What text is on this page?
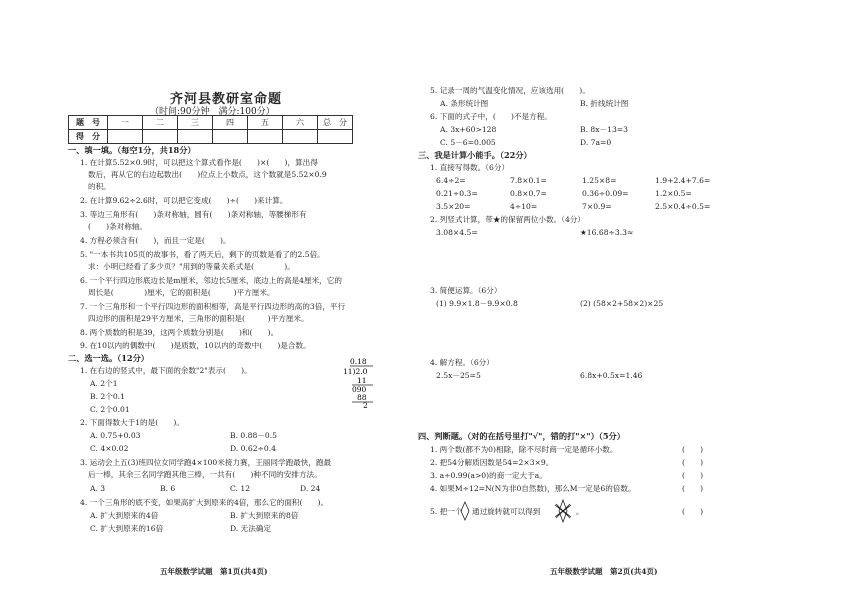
齐河县教研室命题
（时间:90分钟　满分:100分）
题　号	一	二	三	四	五	六	总　分
得　分							
一、填一填。（每空1分，共18分）
1. 在计算5.52×0.9时，可以把这个算式看作是(　　)×(　　)，算出得
数后，再从它的右边起数出(　　)位点上小数点，这个数就是5.52×0.9
的积。
2. 在计算9.62÷2.6时，可以把它变成(　　)÷(　　)来计算。
3. 等边三角形有(　　)条对称轴，圆有(　　)条对称轴，等腰梯形有
(　　)条对称轴。
4. 方程必须含有(　　)，而且一定是(　　)。
5. "一本书共105页的故事书，看了两天后，剩下的页数是看了的2.5倍。
求：小明已经看了多少页？"用到的等量关系式是(　　　　)。
6. 一个平行四边形底边长是m厘米，邻边长5厘米，底边上的高是4厘米，它的
周长是(　　　　)厘米，它的面积是(　　　)平方厘米。
7. 一个三角形和一个平行四边形的面积相等，高是平行四边形的高的3倍，平行
四边形的面积是29平方厘米，三角形的面积是(　　　)平方厘米。
8. 两个质数的积是39，这两个质数分别是(　　)和(　　)。
9. 在10以内的偶数中(　　)是质数，10以内的奇数中(　　)是合数。
二、选一选。（12分）
1. 在右边的竖式中，最下面的余数"2"表示(　　)。
A. 2个1
B. 2个0.1
C. 2个0.01
0.18
11)2.0
11
090
88
2
2. 下面得数大于1的是(　　)。
A. 0.75+0.03	B. 0.88－0.5
C. 4×0.02	D. 0.62÷0.4
3. 运动会上五(3)班四位女同学跑4×100米接力赛，王丽同学跑最快，跑最
后一棒，其余三名同学跑其他三棒，一共有(　　)种不同的安排方法。
A. 3	B. 6	C. 12	D. 24
4. 一个三角形的底不变，如果高扩大到原来的4倍，那么它的面积(　　)。
A. 扩大到原来的4倍	B. 扩大到原来的8倍
C. 扩大到原来的16倍	D. 无法确定
五年级数学试题　第1页(共4页)
5. 记录一周的气温变化情况，应该选用(　　)。
A. 条形统计图	B. 折线统计图
6. 下面的式子中，(　　)不是方程。
A. 3x+60>128	B. 8x－13=3
C. 5－6=0.005	D. 7a=0
三、我是计算小能手。（22分）
1. 直接写得数。（6分）
6.4÷2=	7.8×0.1=	1.25×8=	1.9+2.4+7.6=
0.21÷0.3=	0.8×0.7=	0.36÷0.09=	1.2×0.5=
3.5×20=	4÷10=	7×0.9=	2.5×0.4÷0.5=
2. 列竖式计算，带★的保留两位小数。（4分）
3.08×4.5=	★16.68÷3.3≈
3. 简便运算。（6分）
(1) 9.9×1.8－9.9×0.8	(2) (58×2+58×2)×25
4. 解方程。（6分）
2.5x－25=5	6.8x+0.5x=1.46
四、判断题。（对的在括号里打"√"，错的打"×"）（5分）
1. 两个数(都不为0)相除，除不尽时商一定是循环小数。	(　　)
2. 把54分解质因数是54=2×3×9。	(　　)
3. a÷0.99(a>0)的商一定大于a。	(　　)
4. 如果M÷12=N(N为非0自然数)，那么M一定是6的倍数。	(　　)
5. 把一个 通过旋转就可以得到	。	(　　)
五年级数学试题　第2页(共4页)
